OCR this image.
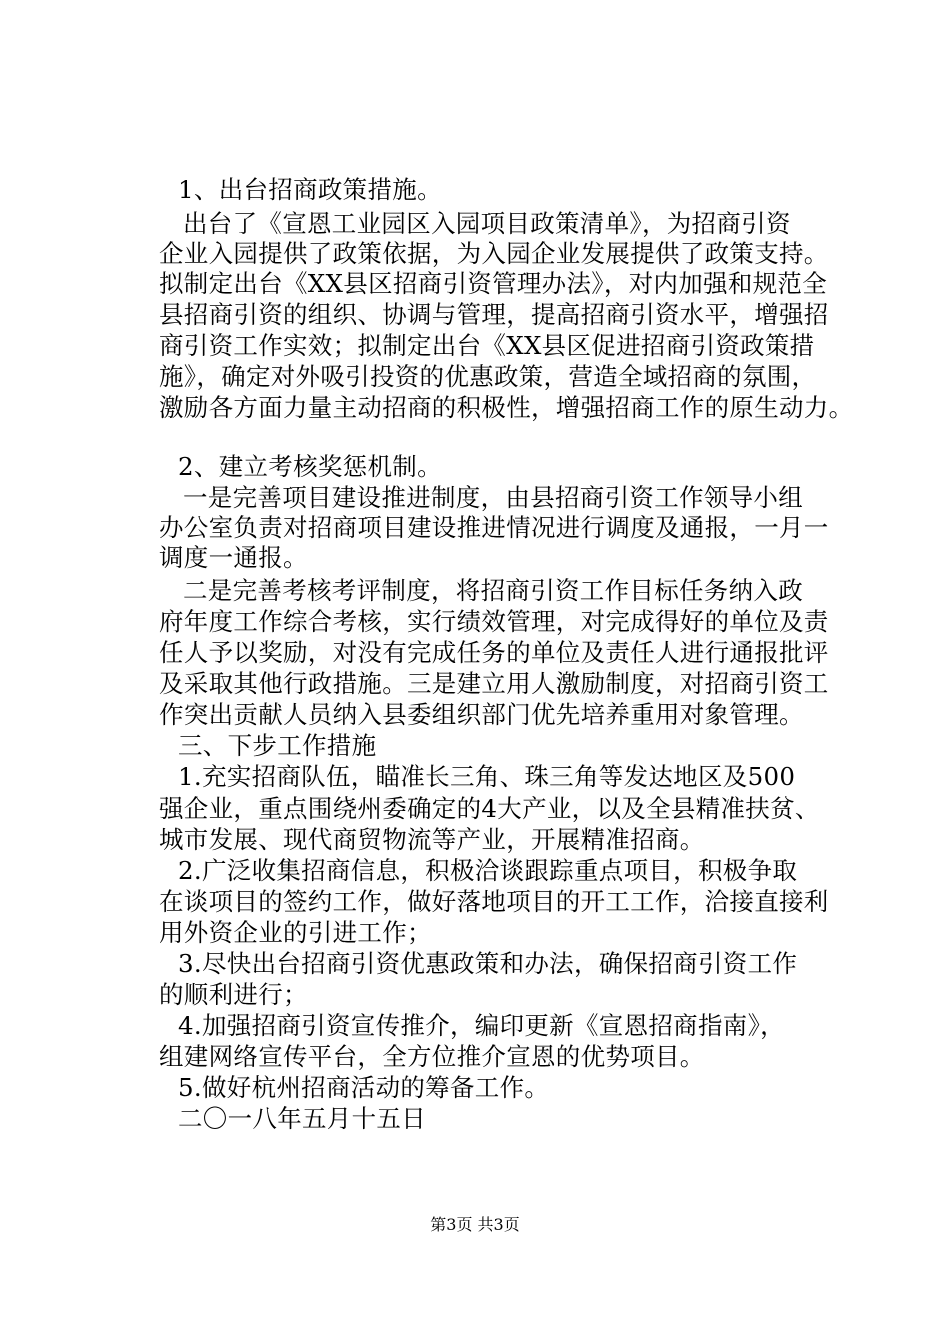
1、出台招商政策措施。
出台了《宣恩工业园区入园项目政策清单》，为招商引资
企业入园提供了政策依据，为入园企业发展提供了政策支持。
拟制定出台《XX县区招商引资管理办法》，对内加强和规范全
县招商引资的组织、协调与管理，提高招商引资水平，增强招
商引资工作实效；拟制定出台《XX县区促进招商引资政策措
施》，确定对外吸引投资的优惠政策，营造全域招商的氛围，
激励各方面力量主动招商的积极性，增强招商工作的原生动力。
2、建立考核奖惩机制。
一是完善项目建设推进制度，由县招商引资工作领导小组
办公室负责对招商项目建设推进情况进行调度及通报，一月一
调度一通报。
二是完善考核考评制度，将招商引资工作目标任务纳入政
府年度工作综合考核，实行绩效管理，对完成得好的单位及责
任人予以奖励，对没有完成任务的单位及责任人进行通报批评
及采取其他行政措施。三是建立用人激励制度，对招商引资工
作突出贡献人员纳入县委组织部门优先培养重用对象管理。
三、下步工作措施
1.充实招商队伍，瞄准长三角、珠三角等发达地区及500
强企业，重点围绕州委确定的4大产业，以及全县精准扶贫、
城市发展、现代商贸物流等产业，开展精准招商。
2.广泛收集招商信息，积极洽谈跟踪重点项目，积极争取
在谈项目的签约工作，做好落地项目的开工工作，洽接直接利
用外资企业的引进工作；
3.尽快出台招商引资优惠政策和办法，确保招商引资工作
的顺利进行；
4.加强招商引资宣传推介，编印更新《宣恩招商指南》，
组建网络宣传平台，全方位推介宣恩的优势项目。
5.做好杭州招商活动的筹备工作。
二〇一八年五月十五日
第3页 共3页
